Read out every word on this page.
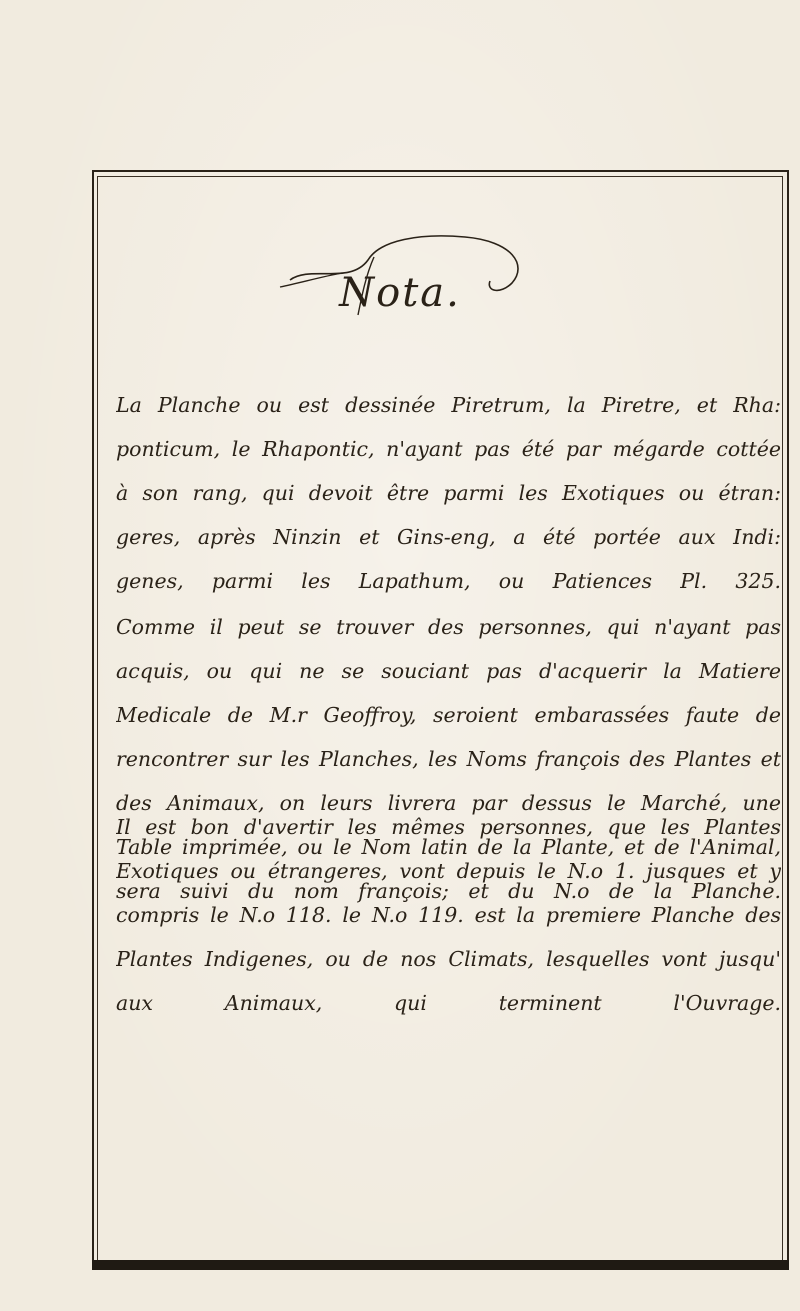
Nota.
La Planche ou est dessinée Piretrum, la Piretre, et Rha:
ponticum, le Rhapontic, n'ayant pas été par mégarde cottée
à son rang, qui devoit être parmi les Exotiques ou étran:
geres, après Ninzin et Gins-eng, a été portée aux Indi:
genes, parmi les Lapathum, ou Patiences Pl. 325.
Comme il peut se trouver des personnes, qui n'ayant pas
acquis, ou qui ne se souciant pas d'acquerir la Matiere
Medicale de M.r Geoffroy, seroient embarassées faute de
rencontrer sur les Planches, les Noms françois des Plantes et
des Animaux, on leurs livrera par dessus le Marché, une
Table imprimée, ou le Nom latin de la Plante, et de l'Animal,
sera suivi du nom françois; et du N.o de la Planche.
Il est bon d'avertir les mêmes personnes, que les Plantes
Exotiques ou étrangeres, vont depuis le N.o 1. jusques et y
compris le N.o 118. le N.o 119. est la premiere Planche des
Plantes Indigenes, ou de nos Climats, lesquelles vont jusqu'
aux Animaux, qui terminent l'Ouvrage.
